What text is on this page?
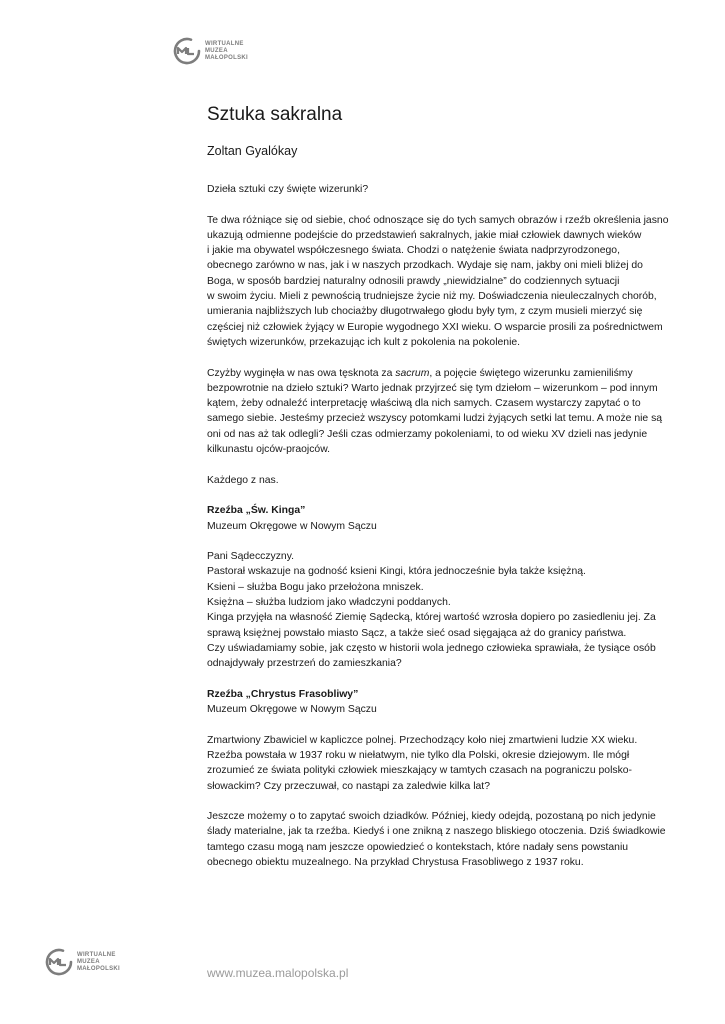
WIRTUALNE
MUZEA
MAŁOPOLSKI
Sztuka sakralna
Zoltan Gyalókay
Dzieła sztuki czy święte wizerunki?
Te dwa różniące się od siebie, choć odnoszące się do tych samych obrazów i rzeźb określenia jasno
ukazują odmienne podejście do przedstawień sakralnych, jakie miał człowiek dawnych wieków
i jakie ma obywatel współczesnego świata. Chodzi o natężenie świata nadprzyrodzonego,
obecnego zarówno w nas, jak i w naszych przodkach. Wydaje się nam, jakby oni mieli bliżej do
Boga, w sposób bardziej naturalny odnosili prawdy „niewidzialne” do codziennych sytuacji
w swoim życiu. Mieli z pewnością trudniejsze życie niż my. Doświadczenia nieuleczalnych chorób,
umierania najbliższych lub chociażby długotrwałego głodu były tym, z czym musieli mierzyć się
częściej niż człowiek żyjący w Europie wygodnego XXI wieku. O wsparcie prosili za pośrednictwem
świętych wizerunków, przekazując ich kult z pokolenia na pokolenie.
Czyżby wyginęła w nas owa tęsknota za sacrum, a pojęcie świętego wizerunku zamieniliśmy
bezpowrotnie na dzieło sztuki? Warto jednak przyjrzeć się tym dziełom – wizerunkom – pod innym
kątem, żeby odnaleźć interpretację właściwą dla nich samych. Czasem wystarczy zapytać o to
samego siebie. Jesteśmy przecież wszyscy potomkami ludzi żyjących setki lat temu. A może nie są
oni od nas aż tak odlegli? Jeśli czas odmierzamy pokoleniami, to od wieku XV dzieli nas jedynie
kilkunastu ojców-praojców.
Każdego z nas.
Rzeźba „Św. Kinga”
Muzeum Okręgowe w Nowym Sączu
Pani Sądecczyzny.
Pastorał wskazuje na godność ksieni Kingi, która jednocześnie była także księżną.
Ksieni – służba Bogu jako przełożona mniszek.
Księżna – służba ludziom jako władczyni poddanych.
Kinga przyjęła na własność Ziemię Sądecką, której wartość wzrosła dopiero po zasiedleniu jej. Za
sprawą księżnej powstało miasto Sącz, a także sieć osad sięgająca aż do granicy państwa.
Czy uświadamiamy sobie, jak często w historii wola jednego człowieka sprawiała, że tysiące osób
odnajdywały przestrzeń do zamieszkania?
Rzeźba „Chrystus Frasobliwy”
Muzeum Okręgowe w Nowym Sączu
Zmartwiony Zbawiciel w kapliczce polnej. Przechodzący koło niej zmartwieni ludzie XX wieku.
Rzeźba powstała w 1937 roku w niełatwym, nie tylko dla Polski, okresie dziejowym. Ile mógł
zrozumieć ze świata polityki człowiek mieszkający w tamtych czasach na pograniczu polsko-
słowackim? Czy przeczuwał, co nastąpi za zaledwie kilka lat?
Jeszcze możemy o to zapytać swoich dziadków. Później, kiedy odejdą, pozostaną po nich jedynie
ślady materialne, jak ta rzeźba. Kiedyś i one znikną z naszego bliskiego otoczenia. Dziś świadkowie
tamtego czasu mogą nam jeszcze opowiedzieć o kontekstach, które nadały sens powstaniu
obecnego obiektu muzealnego. Na przykład Chrystusa Frasobliwego z 1937 roku.
WIRTUALNE
MUZEA
MAŁOPOLSKI	www.muzea.malopolska.pl
